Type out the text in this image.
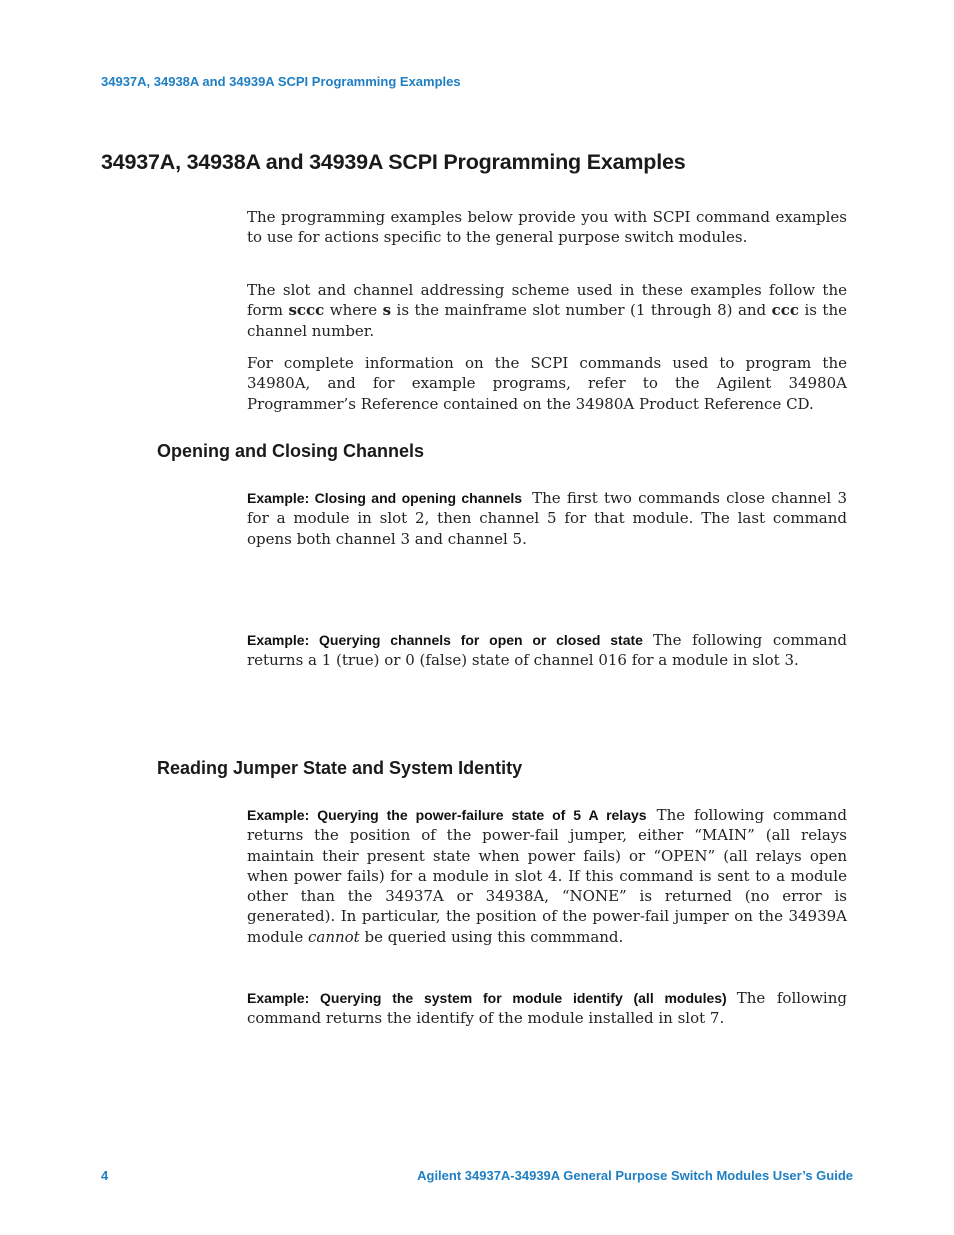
34937A, 34938A and 34939A SCPI Programming Examples
34937A, 34938A and 34939A SCPI Programming Examples
The programming examples below provide you with SCPI command examples to use for actions specific to the general purpose switch modules.
The slot and channel addressing scheme used in these examples follow the form sccc where s is the mainframe slot number (1 through 8) and ccc is the channel number.
For complete information on the SCPI commands used to program the 34980A, and for example programs, refer to the Agilent 34980A Programmer’s Reference contained on the 34980A Product Reference CD.
Opening and Closing Channels
Example: Closing and opening channels The first two commands close channel 3 for a module in slot 2, then channel 5 for that module. The last command opens both channel 3 and channel 5.
Example: Querying channels for open or closed state The following command returns a 1 (true) or 0 (false) state of channel 016 for a module in slot 3.
Reading Jumper State and System Identity
Example: Querying the power-failure state of 5 A relays The following command returns the position of the power-fail jumper, either “MAIN” (all relays maintain their present state when power fails) or “OPEN” (all relays open when power fails) for a module in slot 4. If this command is sent to a module other than the 34937A or 34938A, “NONE” is returned (no error is generated). In particular, the position of the power-fail jumper on the 34939A module cannot be queried using this commmand.
Example: Querying the system for module identify (all modules) The following command returns the identify of the module installed in slot 7.
4	Agilent 34937A-34939A General Purpose Switch Modules User’s Guide
